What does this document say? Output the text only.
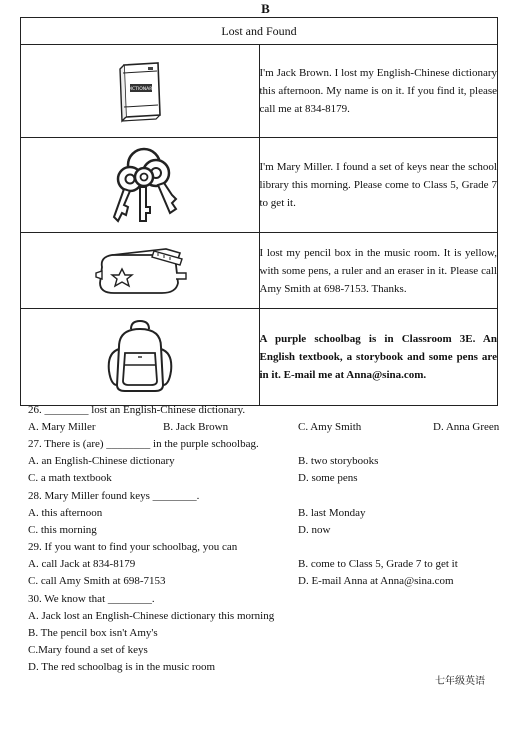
B
Lost and Found	

DICTIONARY	I'm Jack Brown. I lost my English-Chinese dictionary this afternoon. My name is on it. If you find it, please call me at 834-8179.

	I'm Mary Miller. I found a set of keys near the school library this morning. Please come to Class 5, Grade 7 to get it.

	I lost my pencil box in the music room. It is yellow, with some pens, a ruler and an eraser in it. Please call Amy Smith at 698-7153. Thanks.

	A purple schoolbag is in Classroom 3E. An English textbook, a storybook and some pens are in it. E-mail me at Anna@sina.com.
26. ________ lost an English-Chinese dictionary.
A. Mary Miller	B. Jack Brown	C. Amy Smith	D. Anna Green
27. There is (are) ________ in the purple schoolbag.
A. an English-Chinese dictionary	B. two storybooks
C. a math textbook	D. some pens
28. Mary Miller found keys ________.
A. this afternoon	B. last Monday
C. this morning	D. now
29. If you want to find your schoolbag, you can
A. call Jack at 834-8179	B. come to Class 5, Grade 7 to get it
C. call Amy Smith at 698-7153	D. E-mail Anna at Anna@sina.com
30. We know that ________.
A. Jack lost an English-Chinese dictionary this morning
B. The pencil box isn't Amy's
C.Mary found a set of keys
D. The red schoolbag is in the music room
七年级英语
